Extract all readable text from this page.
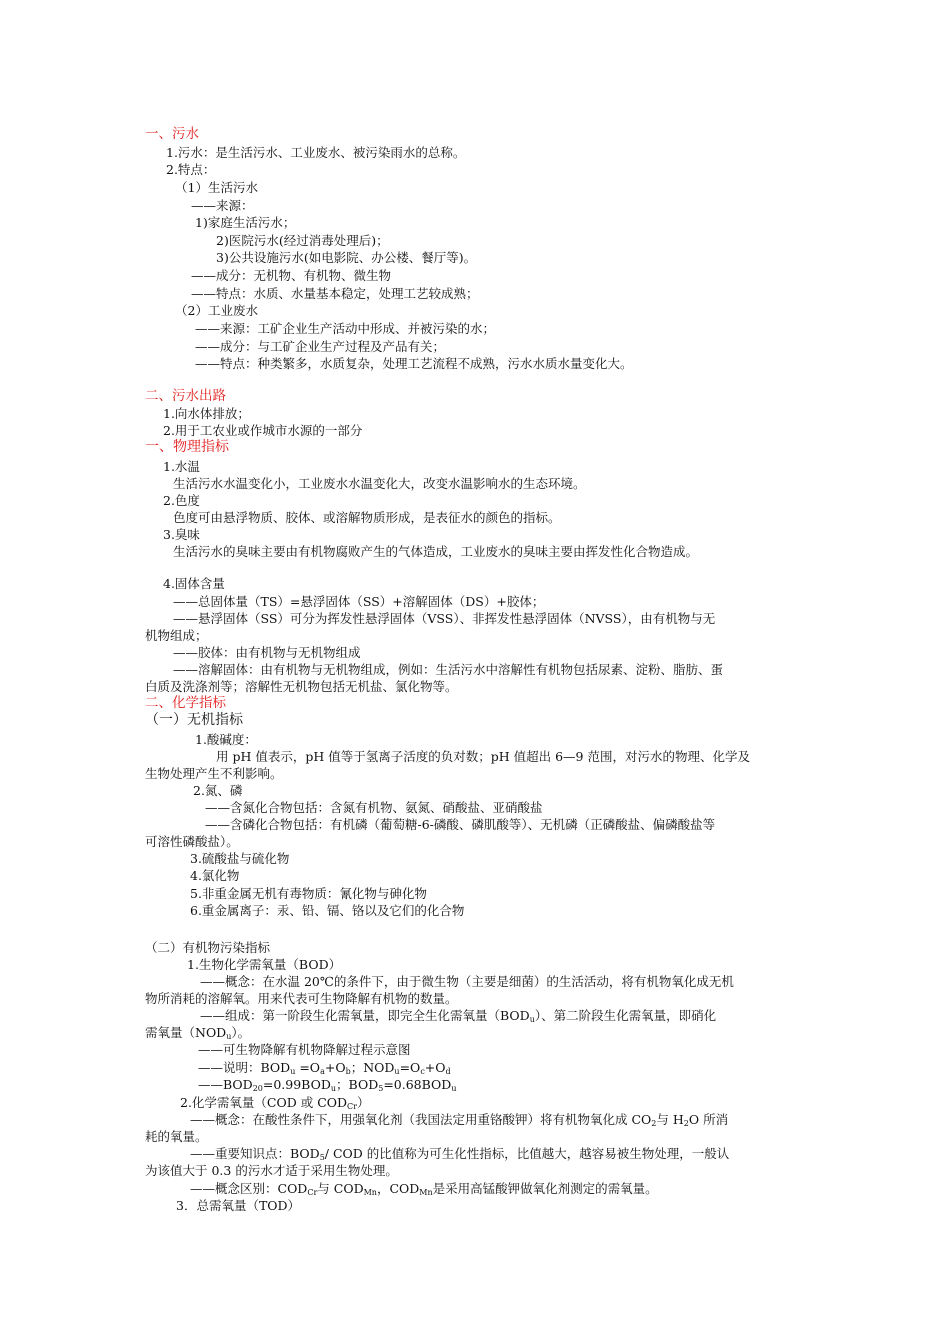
一、污水
1.污水：是生活污水、工业废水、被污染雨水的总称。
2.特点：
（1）生活污水
——来源：
1)家庭生活污水；
2)医院污水(经过消毒处理后)；
3)公共设施污水(如电影院、办公楼、餐厅等)。
——成分：无机物、有机物、微生物
——特点：水质、水量基本稳定，处理工艺较成熟；
（2）工业废水
——来源：工矿企业生产活动中形成、并被污染的水；
——成分：与工矿企业生产过程及产品有关；
——特点：种类繁多，水质复杂，处理工艺流程不成熟，污水水质水量变化大。
二、污水出路
1.向水体排放；
2.用于工农业或作城市水源的一部分
一、物理指标
1.水温
生活污水水温变化小，工业废水水温变化大，改变水温影响水的生态环境。
2.色度
色度可由悬浮物质、胶体、或溶解物质形成，是表征水的颜色的指标。
3.臭味
生活污水的臭味主要由有机物腐败产生的气体造成，工业废水的臭味主要由挥发性化合物造成。
4.固体含量
——总固体量（TS）=悬浮固体（SS）+溶解固体（DS）+胶体；
——悬浮固体（SS）可分为挥发性悬浮固体（VSS）、非挥发性悬浮固体（NVSS），由有机物与无
机物组成；
——胶体：由有机物与无机物组成
——溶解固体：由有机物与无机物组成，例如：生活污水中溶解性有机物包括尿素、淀粉、脂肪、蛋
白质及洗涤剂等；溶解性无机物包括无机盐、氯化物等。
二、化学指标
（一）无机指标
1.酸碱度：
用 pH 值表示，pH 值等于氢离子活度的负对数；pH 值超出 6—9 范围，对污水的物理、化学及
生物处理产生不利影响。
2.氮、磷
——含氮化合物包括：含氮有机物、氨氮、硝酸盐、亚硝酸盐
——含磷化合物包括：有机磷（葡萄糖-6-磷酸、磷肌酸等）、无机磷（正磷酸盐、偏磷酸盐等
可溶性磷酸盐）。
3.硫酸盐与硫化物
4.氯化物
5.非重金属无机有毒物质：氰化物与砷化物
6.重金属离子：汞、铅、镉、铬以及它们的化合物
（二）有机物污染指标
1.生物化学需氧量（BOD）
——概念：在水温 20℃的条件下，由于微生物（主要是细菌）的生活活动，将有机物氧化成无机
物所消耗的溶解氧。用来代表可生物降解有机物的数量。
——组成：第一阶段生化需氧量，即完全生化需氧量$(BOD_u)$、第二阶段生化需氧量，即硝化
需氧量$(NOD_u)$。
——可生物降解有机物降解过程示意图
——说明：$BOD_u =O_a+O_b$；$NOD_u=O_c+O_d$
$——BOD_{20}=0.99BOD_u$；$BOD_5=0.68BOD_u$
2.化学需氧量（COD 或 $COD_{Cr}$）
——概念：在酸性条件下，用强氧化剂（我国法定用重铬酸钾）将有机物氧化成 $CO_2$与 $H_2O$ 所消
耗的氧量。
——重要知识点：$BOD_5/$ COD 的比值称为可生化性指标，比值越大，越容易被生物处理，一般认
为该值大于 0.3 的污水才适于采用生物处理。
——概念区别：$COD_{Cr}$与 $COD_{Mn}$，$COD_{Mn}$是采用高锰酸钾做氧化剂测定的需氧量。
3．总需氧量（TOD）
